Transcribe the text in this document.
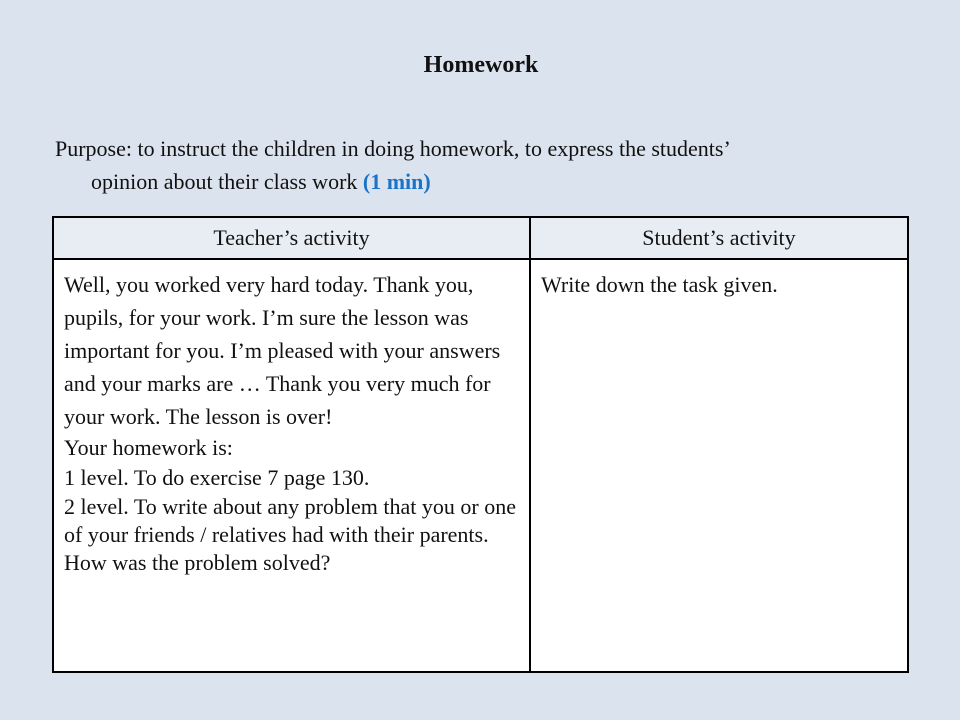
Homework
Purpose: to instruct the children in doing homework, to express the students’
opinion about their class work (1 min)
Teacher’s activity	Student’s activity

Well, you worked very hard today. Thank you, pupils, for your work. I’m sure the lesson was important for you. I’m pleased with your answers and your marks are … Thank you very much for your work. The lesson is over!
Your homework is:
1 level. To do exercise 7 page 130.
2 level. To write about any problem that you or one of your friends / relatives had with their parents. How was the problem solved?	Write down the task given.
